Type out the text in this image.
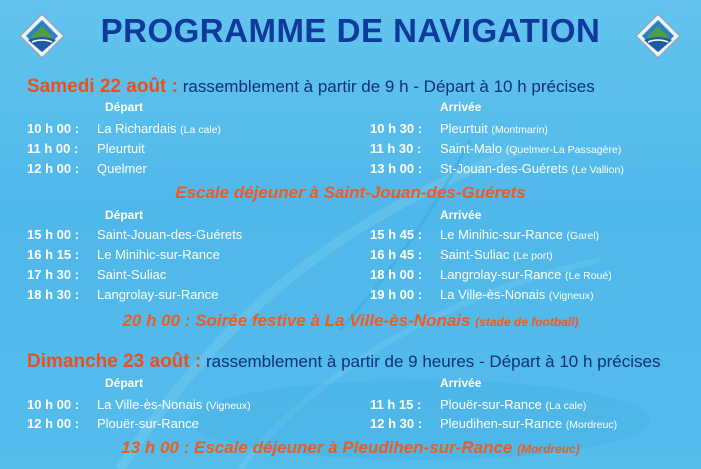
PROGRAMME DE NAVIGATION
Samedi 22 août : rassemblement à partir de 9 h - Départ à 10 h précises
Départ	Arrivée
10 h 00 : La Richardais (La cale)	10 h 30 : Pleurtuit (Montmarin)
11 h 00 : Pleurtuit	11 h 30 : Saint-Malo (Quelmer-La Passagère)
12 h 00 : Quelmer	13 h 00 : St-Jouan-des-Guérets (Le Vallion)
Escale déjeuner à Saint-Jouan-des-Guérets
Départ	Arrivée
15 h 00 : Saint-Jouan-des-Guérets	15 h 45 : Le Minihic-sur-Rance (Garel)
16 h 15 : Le Minihic-sur-Rance	16 h 45 : Saint-Suliac (Le port)
17 h 30 : Saint-Suliac	18 h 00 : Langrolay-sur-Rance (Le Roué)
18 h 30 : Langrolay-sur-Rance	19 h 00 : La Ville-ès-Nonais (Vigneux)
20 h 00 : Soirée festive à La Ville-ès-Nonais (stade de football)
Dimanche 23 août : rassemblement à partir de 9 heures - Départ à 10 h précises
Départ	Arrivée
10 h 00 : La Ville-ès-Nonais (Vigneux)	11 h 15 : Plouër-sur-Rance (La cale)
12 h 00 : Plouër-sur-Rance	12 h 30 : Pleudihen-sur-Rance (Mordreuc)
13 h 00 : Escale déjeuner à Pleudihen-sur-Rance (Mordreuc)
